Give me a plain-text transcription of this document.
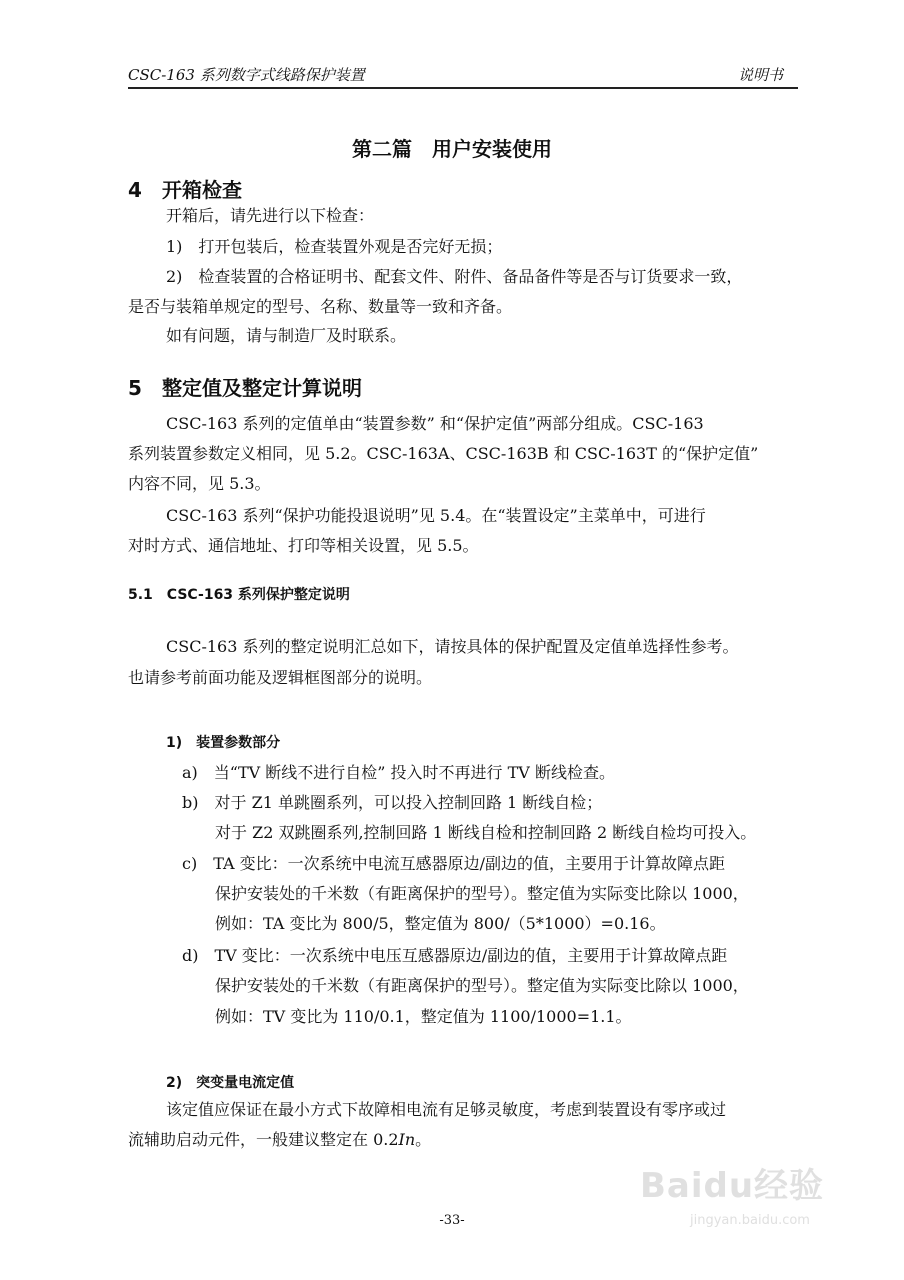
CSC-163 系列数字式线路保护装置	说明书
第二篇　用户安装使用
4 开箱检查
开箱后，请先进行以下检查：
1)　打开包装后，检查装置外观是否完好无损；
2)　检查装置的合格证明书、配套文件、附件、备品备件等是否与订货要求一致，
是否与装箱单规定的型号、名称、数量等一致和齐备。
如有问题，请与制造厂及时联系。
5 整定值及整定计算说明
CSC-163 系列的定值单由“装置参数” 和“保护定值”两部分组成。CSC-163
系列装置参数定义相同，见 5.2。CSC-163A、CSC-163B 和 CSC-163T 的“保护定值”
内容不同，见 5.3。
CSC-163 系列“保护功能投退说明”见 5.4。在“装置设定”主菜单中，可进行
对时方式、通信地址、打印等相关设置，见 5.5。
5.1　CSC-163 系列保护整定说明
CSC-163 系列的整定说明汇总如下，请按具体的保护配置及定值单选择性参考。
也请参考前面功能及逻辑框图部分的说明。
1)　装置参数部分
a)　当“TV 断线不进行自检” 投入时不再进行 TV 断线检查。
b)　对于 Z1 单跳圈系列，可以投入控制回路 1 断线自检；
对于 Z2 双跳圈系列,控制回路 1 断线自检和控制回路 2 断线自检均可投入。
c)　TA 变比：一次系统中电流互感器原边/副边的值，主要用于计算故障点距
保护安装处的千米数（有距离保护的型号）。整定值为实际变比除以 1000，
例如：TA 变比为 800/5，整定值为 800/（5*1000）=0.16。
d)　TV 变比：一次系统中电压互感器原边/副边的值，主要用于计算故障点距
保护安装处的千米数（有距离保护的型号）。整定值为实际变比除以 1000，
例如：TV 变比为 110/0.1，整定值为 1100/1000=1.1。
2)　突变量电流定值
该定值应保证在最小方式下故障相电流有足够灵敏度，考虑到装置设有零序或过
流辅助启动元件，一般建议整定在 0.2In。
-33-
Baidu经验
jingyan.baidu.com
